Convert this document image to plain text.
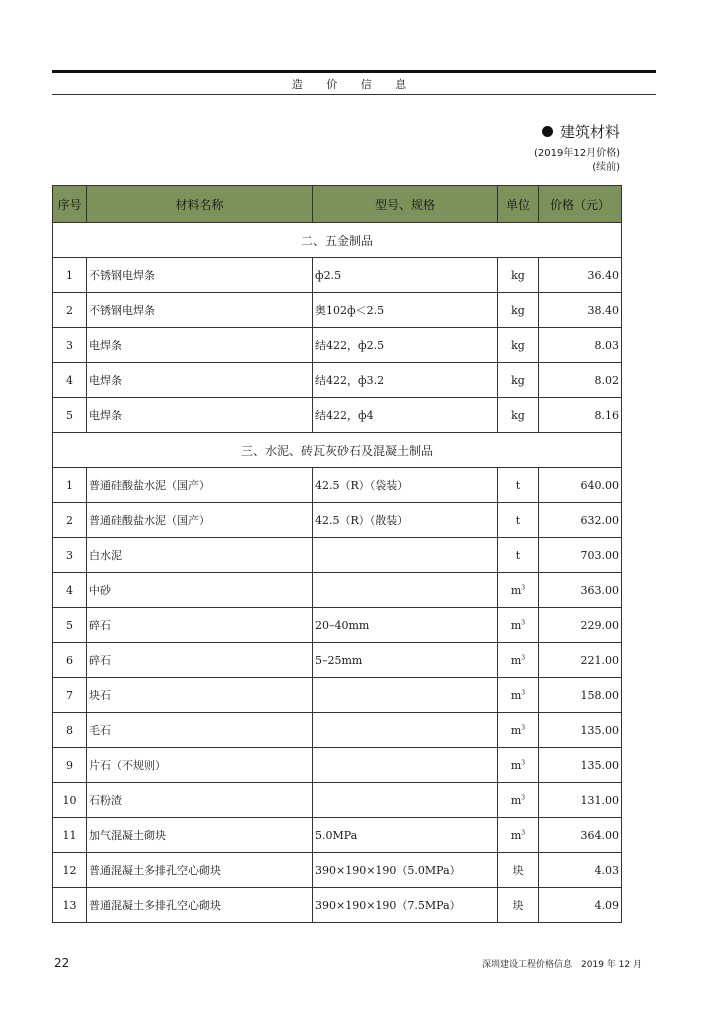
造 价 信 息
建筑材料
(2019年12月价格)
(续前)
序号	材料名称	型号、规格	单位	价格（元）
二、五金制品				
1	不锈钢电焊条	ф2.5	kg	36.40
2	不锈钢电焊条	奥102ф＜2.5	kg	38.40
3	电焊条	结422，ф2.5	kg	8.03
4	电焊条	结422，ф3.2	kg	8.02
5	电焊条	结422，ф4	kg	8.16
三、水泥、砖瓦灰砂石及混凝土制品				
1	普通硅酸盐水泥（国产）	42.5（R）（袋装）	t	640.00
2	普通硅酸盐水泥（国产）	42.5（R）（散装）	t	632.00
3	白水泥		t	703.00
4	中砂		$m^3$	363.00
5	碎石	20–40mm	$m^3$	229.00
6	碎石	5–25mm	$m^3$	221.00
7	块石		$m^3$	158.00
8	毛石		$m^3$	135.00
9	片石（不规则）		$m^3$	135.00
10	石粉渣		$m^3$	131.00
11	加气混凝土砌块	5.0MPa	$m^3$	364.00
12	普通混凝土多排孔空心砌块	390×190×190（5.0MPa）	块	4.03
13	普通混凝土多排孔空心砌块	390×190×190（7.5MPa）	块	4.09
22	深圳建设工程价格信息　2019 年 12 月
